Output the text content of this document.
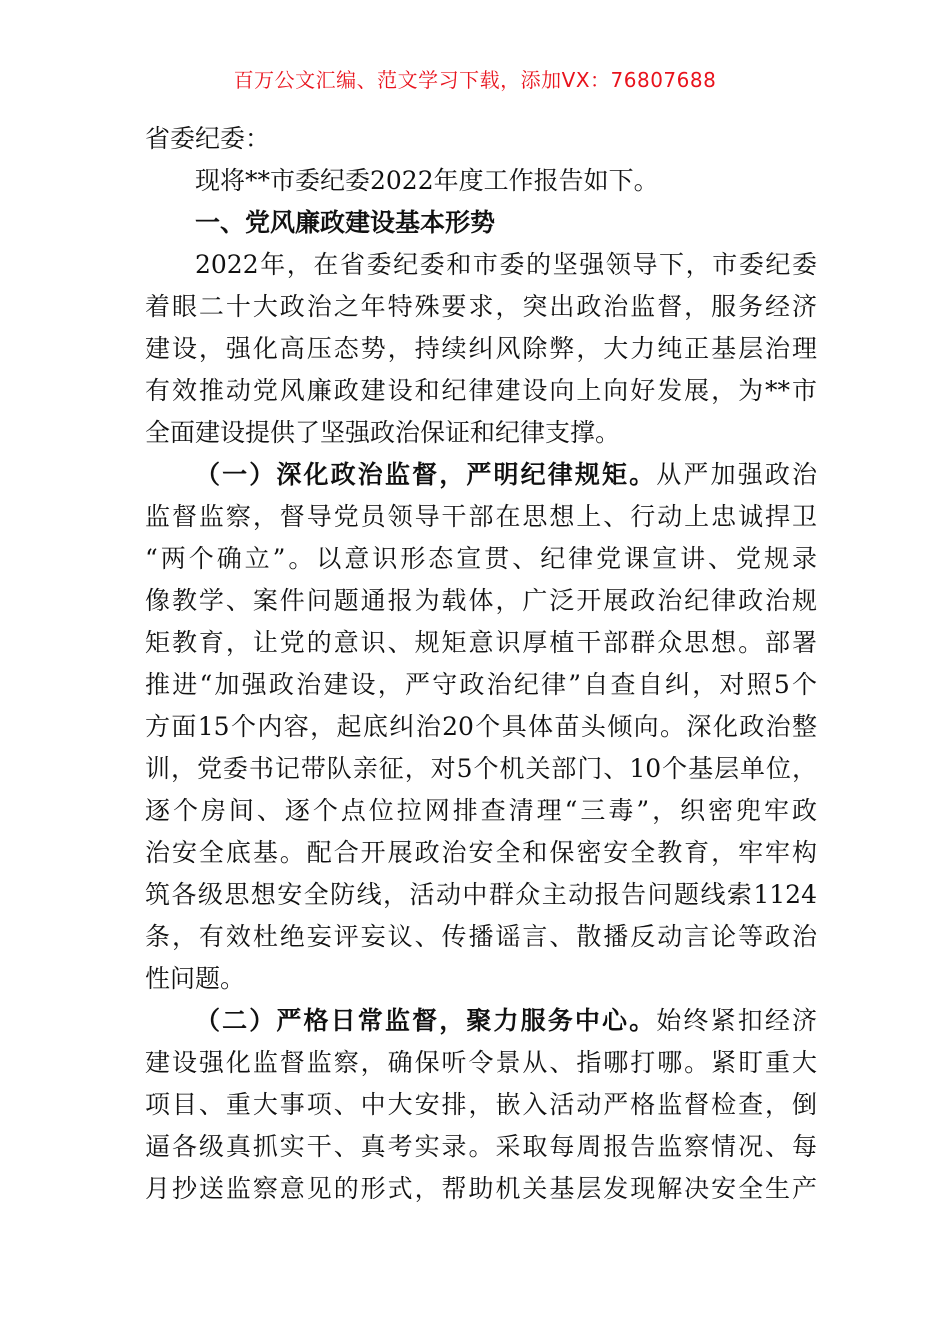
百万公文汇编、范文学习下载，添加VX：76807688
省委纪委：
现将**市委纪委2022年度工作报告如下。
一、党风廉政建设基本形势
2022年，在省委纪委和市委的坚强领导下，市委纪委
着眼二十大政治之年特殊要求，突出政治监督，服务经济
建设，强化高压态势，持续纠风除弊，大力纯正基层治理
有效推动党风廉政建设和纪律建设向上向好发展，为**市
全面建设提供了坚强政治保证和纪律支撑。
（一）深化政治监督，严明纪律规矩。从严加强政治
监督监察，督导党员领导干部在思想上、行动上忠诚捍卫
“两个确立”。以意识形态宣贯、纪律党课宣讲、党规录
像教学、案件问题通报为载体，广泛开展政治纪律政治规
矩教育，让党的意识、规矩意识厚植干部群众思想。部署
推进“加强政治建设，严守政治纪律”自查自纠，对照5个
方面15个内容，起底纠治20个具体苗头倾向。深化政治整
训，党委书记带队亲征，对5个机关部门、10个基层单位，
逐个房间、逐个点位拉网排查清理“三毒”，织密兜牢政
治安全底基。配合开展政治安全和保密安全教育，牢牢构
筑各级思想安全防线，活动中群众主动报告问题线索1124
条，有效杜绝妄评妄议、传播谣言、散播反动言论等政治
性问题。
（二）严格日常监督，聚力服务中心。始终紧扣经济
建设强化监督监察，确保听令景从、指哪打哪。紧盯重大
项目、重大事项、中大安排，嵌入活动严格监督检查，倒
逼各级真抓实干、真考实录。采取每周报告监察情况、每
月抄送监察意见的形式，帮助机关基层发现解决安全生产
